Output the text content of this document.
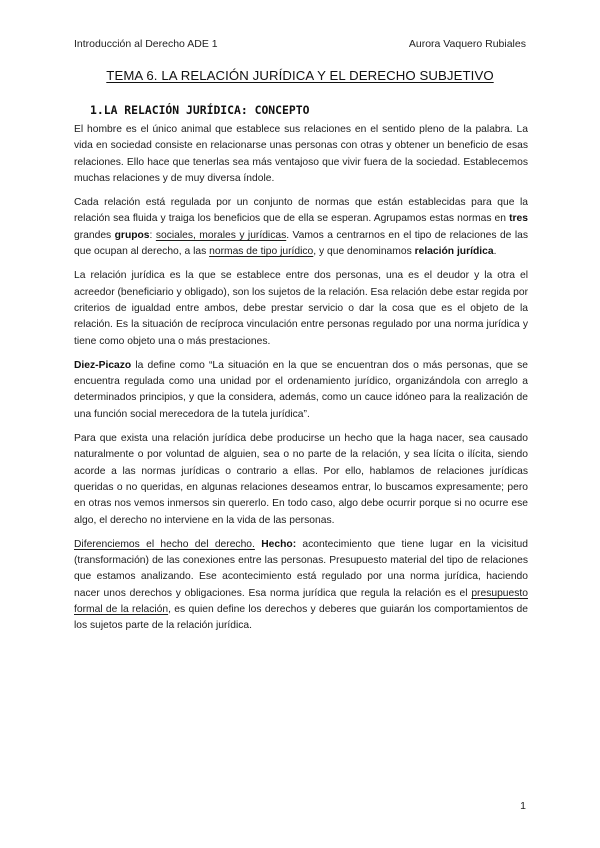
Introducción al Derecho ADE 1	Aurora Vaquero Rubiales
TEMA 6. LA RELACIÓN JURÍDICA Y EL DERECHO SUBJETIVO
1.LA RELACIÓN JURÍDICA: CONCEPTO

El hombre es el único animal que establece sus relaciones en el sentido pleno de la palabra. La vida en sociedad consiste en relacionarse unas personas con otras y obtener un beneficio de esas relaciones. Ello hace que tenerlas sea más ventajoso que vivir fuera de la sociedad. Establecemos muchas relaciones y de muy diversa índole.

Cada relación está regulada por un conjunto de normas que están establecidas para que la relación sea fluida y traiga los beneficios que de ella se esperan. Agrupamos estas normas en tres grandes grupos: sociales, morales y jurídicas. Vamos a centrarnos en el tipo de relaciones de las que ocupan al derecho, a las normas de tipo jurídico, y que denominamos relación jurídica.

La relación jurídica es la que se establece entre dos personas, una es el deudor y la otra el acreedor (beneficiario y obligado), son los sujetos de la relación. Esa relación debe estar regida por criterios de igualdad entre ambos, debe prestar servicio o dar la cosa que es el objeto de la relación. Es la situación de recíproca vinculación entre personas regulado por una norma jurídica y tiene como objeto una o más prestaciones.

Diez-Picazo la define como “La situación en la que se encuentran dos o más personas, que se encuentra regulada como una unidad por el ordenamiento jurídico, organizándola con arreglo a determinados principios, y que la considera, además, como un cauce idóneo para la realización de una función social merecedora de la tutela jurídica”.

Para que exista una relación jurídica debe producirse un hecho que la haga nacer, sea causado naturalmente o por voluntad de alguien, sea o no parte de la relación, y sea lícita o ilícita, siendo acorde a las normas jurídicas o contrario a ellas. Por ello, hablamos de relaciones jurídicas queridas o no queridas, en algunas relaciones deseamos entrar, lo buscamos expresamente; pero en otras nos vemos inmersos sin quererlo. En todo caso, algo debe ocurrir porque si no ocurre ese algo, el derecho no interviene en la vida de las personas.

Diferenciemos el hecho del derecho. Hecho: acontecimiento que tiene lugar en la vicisitud (transformación) de las conexiones entre las personas. Presupuesto material del tipo de relaciones que estamos analizando. Ese acontecimiento está regulado por una norma jurídica, haciendo nacer unos derechos y obligaciones. Esa norma jurídica que regula la relación es el presupuesto formal de la relación, es quien define los derechos y deberes que guiarán los comportamientos de los sujetos parte de la relación jurídica.

1
